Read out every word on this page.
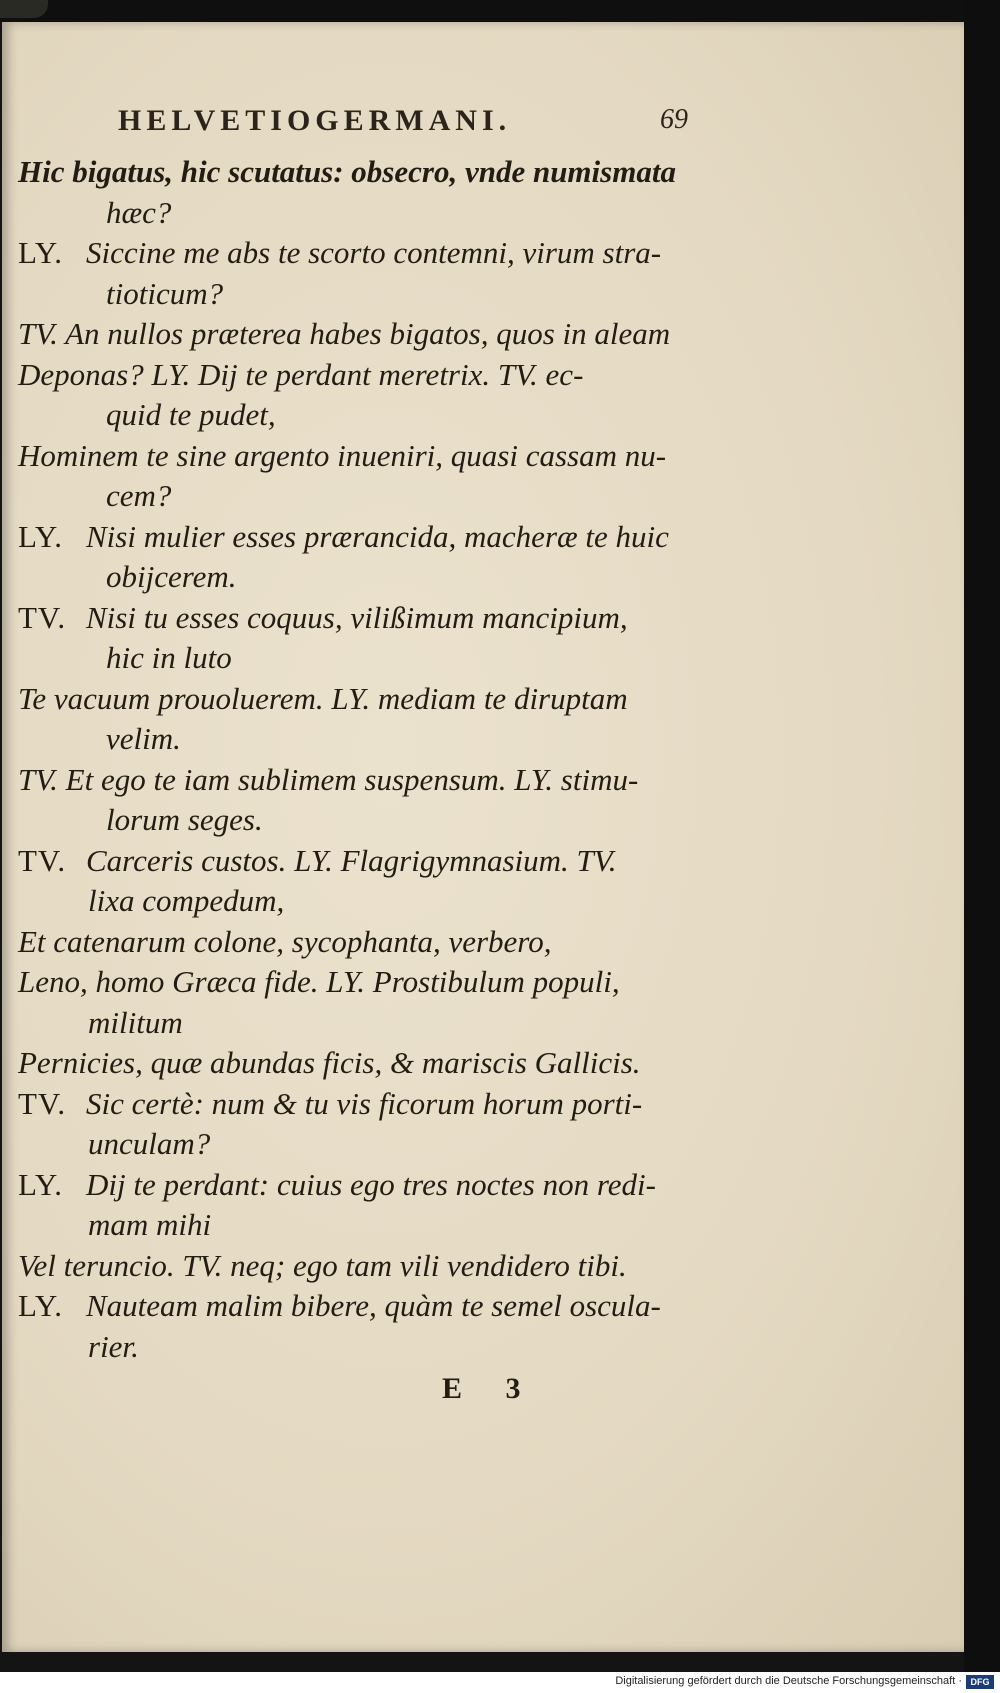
HELVETIOGERMANI.	69
Hic bigatus, hic scutatus: obsecro, vnde numismata
hæc?
LY. Siccine me abs te scorto contemni, virum stra-
tioticum?
TV. An nullos præterea habes bigatos, quos in aleam
Deponas? LY. Dij te perdant meretrix. TV. ec-
quid te pudet,
Hominem te sine argento inueniri, quasi cassam nu-
cem?
LY. Nisi mulier esses prærancida, macheræ te huic
obijcerem.
TV. Nisi tu esses coquus, vilißimum mancipium,
hic in luto
Te vacuum prouoluerem. LY. mediam te diruptam
velim.
TV. Et ego te iam sublimem suspensum. LY. stimu-
lorum seges.
TV. Carceris custos. LY. Flagrigymnasium. TV.
lixa compedum,
Et catenarum colone, sycophanta, verbero,
Leno, homo Græca fide. LY. Prostibulum populi,
militum
Pernicies, quæ abundas ficis, & mariscis Gallicis.
TV. Sic certè: num & tu vis ficorum horum porti-
unculam?
LY. Dij te perdant: cuius ego tres noctes non redi-
mam mihi
Vel teruncio. TV. neq; ego tam vili vendidero tibi.
LY. Nauteam malim bibere, quàm te semel oscula-
rier.
E 3
Digitalisierung gefördert durch die Deutsche Forschungsgemeinschaft · DFG
